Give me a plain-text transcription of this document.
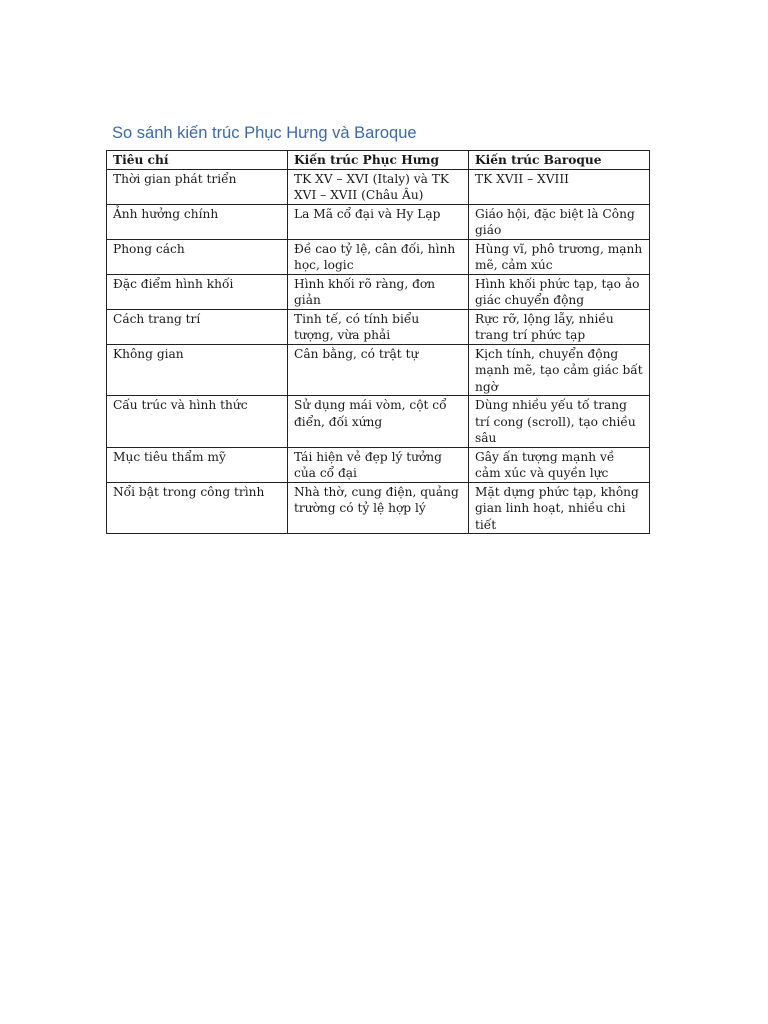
So sánh kiến trúc Phục Hưng và Baroque
Tiêu chí	Kiến trúc Phục Hưng	Kiến trúc Baroque
Thời gian phát triển	TK XV – XVI (Italy) và TK XVI – XVII (Châu Âu)	TK XVII – XVIII
Ảnh hưởng chính	La Mã cổ đại và Hy Lạp	Giáo hội, đặc biệt là Công giáo
Phong cách	Đề cao tỷ lệ, cân đối, hình học, logic	Hùng vĩ, phô trương, mạnh mẽ, cảm xúc
Đặc điểm hình khối	Hình khối rõ ràng, đơn giản	Hình khối phức tạp, tạo ảo giác chuyển động
Cách trang trí	Tinh tế, có tính biểu tượng, vừa phải	Rực rỡ, lộng lẫy, nhiều trang trí phức tạp
Không gian	Cân bằng, có trật tự	Kịch tính, chuyển động mạnh mẽ, tạo cảm giác bất ngờ
Cấu trúc và hình thức	Sử dụng mái vòm, cột cổ điển, đối xứng	Dùng nhiều yếu tố trang trí cong (scroll), tạo chiều sâu
Mục tiêu thẩm mỹ	Tái hiện vẻ đẹp lý tưởng của cổ đại	Gây ấn tượng mạnh về cảm xúc và quyền lực
Nổi bật trong công trình	Nhà thờ, cung điện, quảng trường có tỷ lệ hợp lý	Mặt dựng phức tạp, không gian linh hoạt, nhiều chi tiết
